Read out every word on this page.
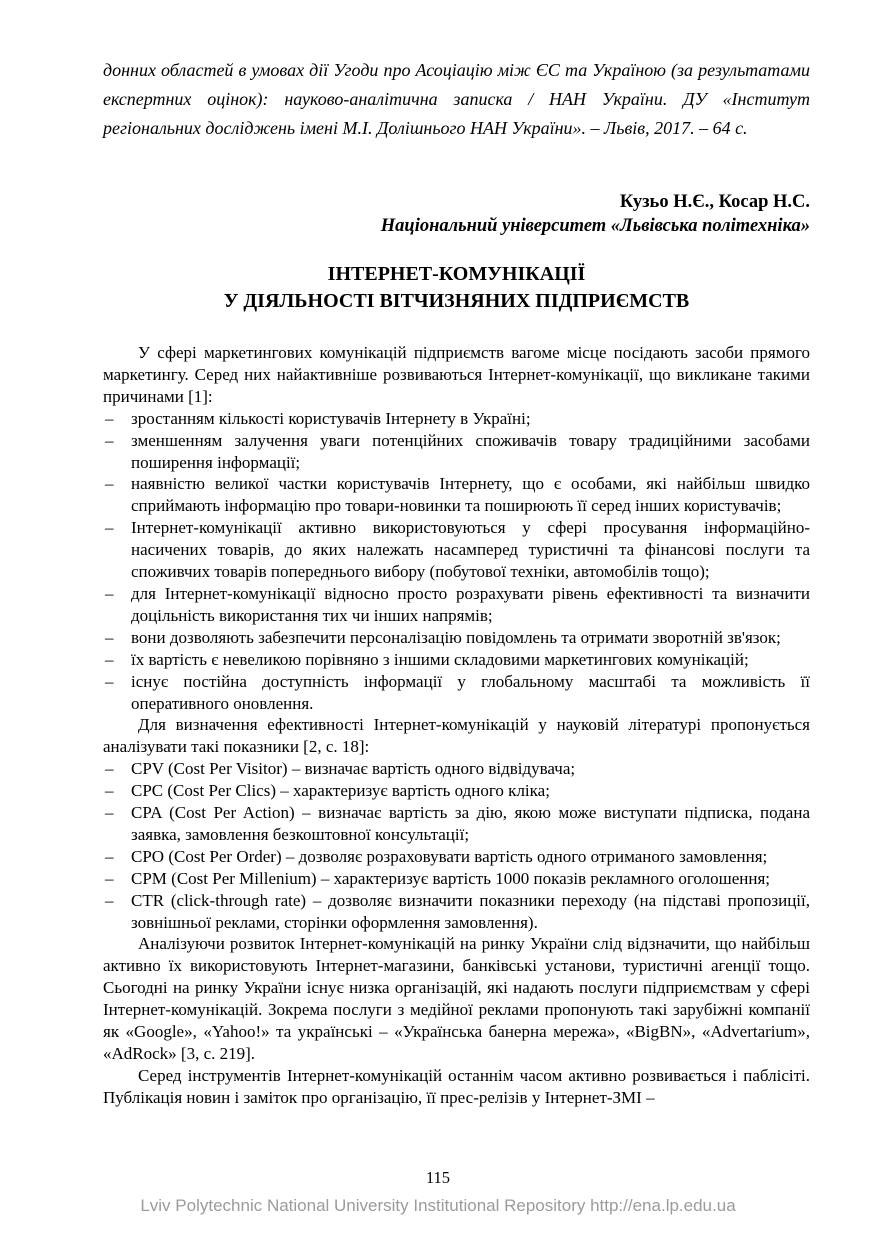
донних областей в умовах дії Угоди про Асоціацію між ЄС та Україною (за результатами експертних оцінок): науково-аналітична записка / НАН України. ДУ «Інститут регіональних досліджень імені М.І. Долішнього НАН України». – Львів, 2017. – 64 с.

Кузьо Н.Є., Косар Н.С.

Національний університет «Львівська політехніка»

ІНТЕРНЕТ-КОМУНІКАЦІЇ
У ДІЯЛЬНОСТІ ВІТЧИЗНЯНИХ ПІДПРИЄМСТВ

У сфері маркетингових комунікацій підприємств вагоме місце посідають засоби прямого маркетингу. Серед них найактивніше розвиваються Інтернет-комунікації, що викликане такими причинами [1]:

– зростанням кількості користувачів Інтернету в Україні;
– зменшенням залучення уваги потенційних споживачів товару традиційними засобами поширення інформації;
– наявністю великої частки користувачів Інтернету, що є особами, які найбільш швидко сприймають інформацію про товари-новинки та поширюють її серед інших користувачів;
– Інтернет-комунікації активно використовуються у сфері просування інформаційно-насичених товарів, до яких належать насамперед туристичні та фінансові послуги та споживчих товарів попереднього вибору (побутової техніки, автомобілів тощо);
– для Інтернет-комунікації відносно просто розрахувати рівень ефективності та визначити доцільність використання тих чи інших напрямів;
– вони дозволяють забезпечити персоналізацію повідомлень та отримати зворотній зв'язок;
– їх вартість є невеликою порівняно з іншими складовими маркетингових комунікацій;
– існує постійна доступність інформації у глобальному масштабі та можливість її оперативного оновлення.

Для визначення ефективності Інтернет-комунікацій у науковій літературі пропонується аналізувати такі показники [2, с. 18]:

– CPV (Cost Per Visitor) – визначає вартість одного відвідувача;
– CPC (Cost Per Clics) – характеризує вартість одного кліка;
– CPA (Cost Per Action) – визначає вартість за дію, якою може виступати підписка, подана заявка, замовлення безкоштовної консультації;
– CPO (Cost Per Order) – дозволяє розраховувати вартість одного отриманого замовлення;
– CPM (Cost Per Millenium) – характеризує вартість 1000 показів рекламного оголошення;
– CTR (click-through rate) – дозволяє визначити показники переходу (на підставі пропозиції, зовнішньої реклами, сторінки оформлення замовлення).

Аналізуючи розвиток Інтернет-комунікацій на ринку України слід відзначити, що найбільш активно їх використовують Інтернет-магазини, банківські установи, туристичні агенції тощо. Сьогодні на ринку України існує низка організацій, які надають послуги підприємствам у сфері Інтернет-комунікацій. Зокрема послуги з медійної реклами пропонують такі зарубіжні компанії як «Google», «Yahoo!» та українські – «Українська банерна мережа», «BigBN», «Advertarium», «AdRock» [3, с. 219].

Серед інструментів Інтернет-комунікацій останнім часом активно розвивається і паблісіті. Публікація новин і заміток про організацію, її прес-релізів у Інтернет-ЗМІ –

115
Lviv Polytechnic National University Institutional Repository http://ena.lp.edu.ua
